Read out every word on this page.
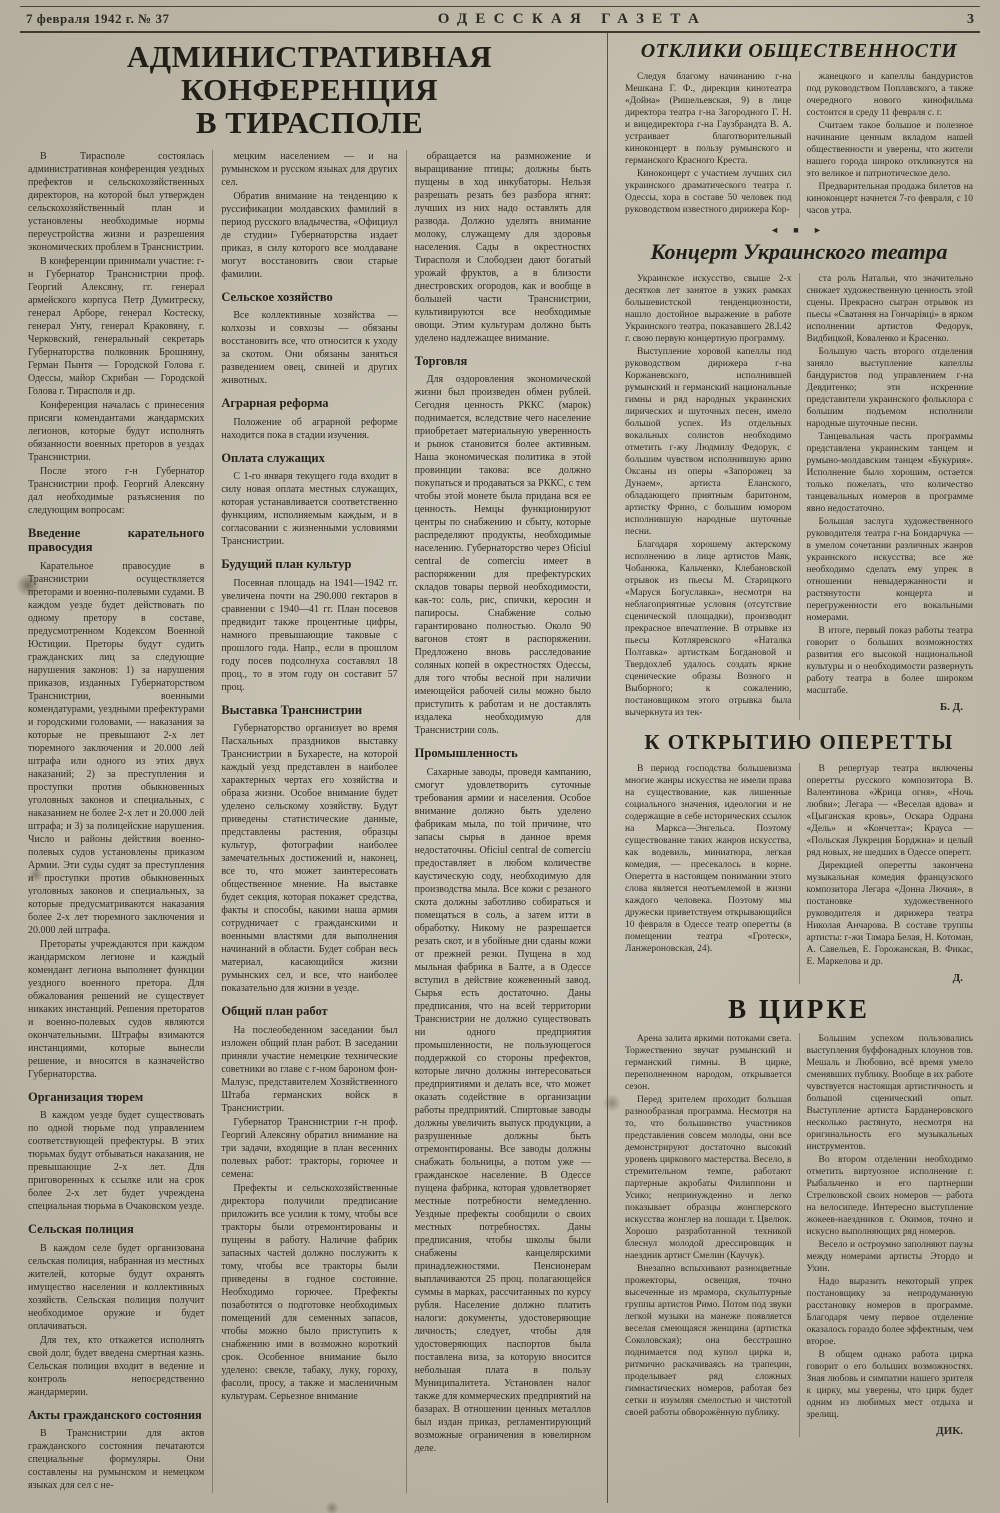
7 февраля 1942 г. № 37	ОДЕССКАЯ ГАЗЕТА	3
АДМИНИСТРАТИВНАЯ КОНФЕРЕНЦИЯ
В ТИРАСПОЛЕ

В Тирасполе состоялась административная конференция уездных префектов и сельскохозяйственных директоров, на которой был утвержден сельскохозяйственный план и установлены необходимые нормы переустройства жизни и разрешения экономических проблем в Транснистрии.

В конференции принимали участие: г-н Губернатор Транснистрии проф. Георгий Алексяну, гг. генерал армейского корпуса Петр Думитреску, генерал Арборе, генерал Костеску, генерал Унту, генерал Краковяну, г. Черковский, генеральный секретарь Губернаторства полковник Брошняну, Герман Пынтя — Городской Голова г. Одессы, майор Скрибан — Городской Голова г. Тирасполя и др.

Конференция началась с принесения присяги комендантами жандармских легионов, которые будут исполнять обязанности военных преторов в уездах Транснистрии.

После этого г-н Губернатор Транснистрии проф. Георгий Алексяну дал необходимые разъяснения по следующим вопросам:

Введение карательного правосудия

Карательное правосудие в Транснистрии осуществляется преторами и военно-полевыми судами. В каждом уезде будет действовать по одному претору в составе, предусмотренном Кодексом Военной Юстиции. Преторы будут судить гражданских лиц за следующие нарушения законов: 1) за нарушения приказов, изданных Губернаторством Транснистрии, военными комендатурами, уездными префектурами и городскими головами, — наказания за которые не превышают 2-х лет тюремного заключения и 20.000 лей штрафа или одного из этих двух наказаний; 2) за преступления и проступки против обыкновенных уголовных законов и специальных, с наказанием не более 2-х лет и 20.000 лей штрафа; и 3) за полицейские нарушения. Число и районы действия военно-полевых судов установлены приказом Армии. Эти суды судят за преступления и проступки против обыкновенных уголовных законов и специальных, за которые предусматриваются наказания более 2-х лет тюремного заключения и 20.000 лей штрафа.

Претораты учреждаются при каждом жандармском легионе и каждый комендант легиона выполняет функции уездного военного претора. Для обжалования решений не существует никаких инстанций. Решения преторатов и военно-полевых судов являются окончательными. Штрафы взимаются инстанциями, которые вынесли решение, и вносятся в казначейство Губернаторства.

Организация тюрем

В каждом уезде будет существовать по одной тюрьме под управлением соответствующей префектуры. В этих тюрьмах будут отбываться наказания, не превышающие 2-х лет. Для приговоренных к ссылке или на срок более 2-х лет будет учреждена специальная тюрьма в Очаковском уезде.

Сельская полиция

В каждом селе будет организована сельская полиция, набранная из местных жителей, которые будут охранять имущество населения и коллективных хозяйств. Сельская полиция получит необходимое оружие и будет оплачиваться.

Для тех, кто откажется исполнять свой долг, будет введена смертная казнь. Сельская полиция входит в ведение и контроль непосредственно жандармерии.

Акты гражданского состояния

В Транснистрии для актов гражданского состояния печатаются специальные формуляры. Они составлены на румынском и немецком языках для сел с не-

мецким населением — и на румынском и русском языках для других сел.

Обратив внимание на тенденцию к руссификации молдавских фамилий в период русского владычества, «Официул де студии» Губернаторства издает приказ, в силу которого все молдаване могут восстановить свои старые фамилии.

Сельское хозяйство

Все коллективные хозяйства — колхозы и совхозы — обязаны восстановить все, что относится к уходу за скотом. Они обязаны заняться разведением овец, свиней и других животных.

Аграрная реформа

Положение об аграрной реформе находится пока в стадии изучения.

Оплата служащих

С 1-го января текущего года входит в силу новая оплата местных служащих, которая устанавливается соответственно функциям, исполняемым каждым, и в согласовании с жизненными условиями Транснистрии.

Будущий план культур

Посевная площадь на 1941—1942 гг. увеличена почти на 290.000 гектаров в сравнении с 1940—41 гг. План посевов предвидит также процентные цифры, намного превышающие таковые с прошлого года. Напр., если в прошлом году посев подсолнуха составлял 18 проц., то в этом году он составит 57 проц.

Выставка Транснистрии

Губернаторство организует во время Пасхальных праздников выставку Транснистрии в Бухаресте, на которой каждый уезд представлен в наиболее характерных чертах его хозяйства и образа жизни. Особое внимание будет уделено сельскому хозяйству. Будут приведены статистические данные, представлены растения, образцы культур, фотографии наиболее замечательных достижений и, наконец, все то, что может заинтересовать общественное мнение. На выставке будет секция, которая покажет средства, факты и способы, какими наша армия сотрудничает с гражданскими и военными властями для выполнения начинаний в области. Будет собран весь материал, касающийся жизни румынских сел, и все, что наиболее показательно для жизни в уезде.

Общий план работ

На послеобеденном заседании был изложен общий план работ. В заседании приняли участие немецкие технические советники во главе с г-ном бароном фон-Малузс, представителем Хозяйственного Штаба германских войск в Транснистрии.

Губернатор Транснистрии г-н проф. Георгий Алексяну обратил внимание на три задачи, входящие в план весенних полевых работ: тракторы, горючее и семена:

Префекты и сельскохозяйственные директора получили предписание приложить все усилия к тому, чтобы все тракторы были отремонтированы и пущены в работу. Наличие фабрик запасных частей должно послужить к тому, чтобы все тракторы были приведены в годное состояние. Необходимо горючее. Префекты позаботятся о подготовке необходимых помещений для семенных запасов, чтобы можно было приступить к снабжению ими в возможно короткий срок. Особенное внимание было уделено: свекле, табаку, луку, гороху, фасоли, просу, а также и масленичным культурам. Серьезное внимание

обращается на размножение и выращивание птицы; должны быть пущены в ход инкубаторы. Нельзя разрешать резать без разбора ягнят: лучших из них надо оставлять для развода. Должно уделять внимание молоку, служащему для здоровья населения. Сады в окрестностях Тирасполя и Слободзеи дают богатый урожай фруктов, а в близости днестровских огородов, как и вообще в большей части Транснистрии, культивируются все необходимые овощи. Этим культурам должно быть уделено надлежащее внимание.

Торговля

Для оздоровления экономической жизни был произведен обмен рублей. Сегодня ценность РККС (марок) поднимается, вследствие чего население приобретает материальную уверенность и рынок становится более активным. Наша экономическая политика в этой провинции такова: все должно покупаться и продаваться за РККС, с тем чтобы этой монете была придана вся ее ценность. Немцы функционируют центры по снабжению и сбыту, которые распределяют продукты, необходимые населению. Губернаторство через Oficiul central de comerciu имеет в распоряжении для префектурских складов товары первой необходимости, как-то: соль, рис, спички, керосин и папиросы. Снабжение солью гарантировано полностью. Около 90 вагонов стоят в распоряжении. Предложено вновь расследование соляных копей в окрестностях Одессы, для того чтобы весной при наличии имеющейся рабочей силы можно было приступить к работам и не доставлять издалека необходимую для Транснистрии соль.

Промышленность

Сахарные заводы, проведя кампанию, смогут удовлетворить суточные требования армии и населения. Особое внимание должно быть уделено фабрикам мыла, по той причине, что запасы сырья в данное время недостаточны. Oficiul central de comerciu предоставляет в любом количестве каустическую соду, необходимую для производства мыла. Все кожи с резаного скота должны заботливо собираться и помещаться в соль, а затем итти в обработку. Никому не разрешается резать скот, и в убойные дни сданы кожи от прежней резки. Пущена в ход мыльная фабрика в Балте, а в Одессе вступил в действие кожевенный завод. Сырья есть достаточно. Даны предписания, что на всей территории Транснистрии не должно существовать ни одного предприятия промышленности, не пользующегося поддержкой со стороны префектов, которые лично должны интересоваться предприятиями и делать все, что может оказать содействие в организации работы предприятий. Спиртовые заводы должны увеличить выпуск продукции, а разрушенные должны быть отремонтированы. Все заводы должны снабжать больницы, а потом уже — гражданское население. В Одессе пущена фабрика, которая удовлетворяет местные потребности немедленно. Уездные префекты сообщили о своих местных потребностях. Даны предписания, чтобы школы были снабжены канцелярскими принадлежностями. Пенсионерам выплачиваются 25 проц. полагающейся суммы в марках, рассчитанных по курсу рубля. Население должно платить налоги: документы, удостоверяющие личность; следует, чтобы для удостоверяющих паспортов была поставлена виза, за которую вносится небольшая плата в пользу Муниципалитета. Установлен налог также для коммерческих предприятий на базарах. В отношении ценных металлов был издан приказ, регламентирующий возможные ограничения в ювелирном деле.

ОТКЛИКИ ОБЩЕСТВЕННОСТИ

Следуя благому начинанию г-на Мешкана Г. Ф., дирекция кинотеатра «Дойна» (Ришельевская, 9) в лице директора театра г-на Загородного Г. Н. и вицедиректора г-на Гаузбрандта В. А. устраивает благотворительный киноконцерт в пользу румынского и германского Красного Креста.

Киноконцерт с участием лучших сил украинского драматического театра г. Одессы, хора в составе 50 человек под руководством известного дирижера Кор-

жанецкого и капеллы бандуристов под руководством Поплавского, а также очередного нового кинофильма состоится в среду 11 февраля с. г.

Считаем такое большое и полезное начинание ценным вкладом нашей общественности и уверены, что жители нашего города широко откликнутся на это великое и патриотическое дело.

Предварительная продажа билетов на киноконцерт начнется 7-го февраля, с 10 часов утра.

◄ ■ ►
Концерт Украинского театра

Украинское искусство, свыше 2-х десятков лет занятое в узких рамках большевистской тенденциозности, нашло достойное выражение в работе Украинского театра, показавшего 28.I.42 г. свою первую концертную программу.

Выступление хоровой капеллы под руководством дирижера г-на Коржаневского, исполнившей румынский и германский национальные гимны и ряд народных украинских лирических и шуточных песен, имело большой успех. Из отдельных вокальных солистов необходимо отметить г-жу Людмилу Федорук, с большим чувством исполнившую арию Оксаны из оперы «Запорожец за Дунаем», артиста Еланского, обладающего приятным баритоном, артистку Фрино, с большим юмором исполнившую народные шуточные песни.

Благодаря хорошему актерскому исполнению в лице артистов Маяк, Чобанюка, Кальченко, Клебановской отрывок из пьесы М. Старицкого «Маруся Богуславка», несмотря на неблагоприятные условия (отсутствие сценической площадки), производит прекрасное впечатление. В отрывке из пьесы Котляревского «Наталка Полтавка» артисткам Богдановой и Твердохлеб удалось создать яркие сценические образы Возного и Выборного; к сожалению, постановщиком этого отрывка была вычеркнута из тек-

ста роль Натальи, что значительно снижает художественную ценность этой сцены. Прекрасно сыгран отрывок из пьесы «Сватання на Гончарівці» в ярком исполнении артистов Федорук, Видбицкой, Коваленко и Красенко.

Большую часть второго отделения заняло выступление капеллы бандуристов под управлением г-на Девдитенко; эти искренние представители украинского фольклора с большим подъемом исполнили народные шуточные песни.

Танцевальная часть программы представлена украинским танцем и румыно-молдавским танцем «Букурия». Исполнение было хорошим, остается только пожелать, что количество танцевальных номеров в программе явно недостаточно.

Большая заслуга художественного руководителя театра г-на Бондарчука — в умелом сочетании различных жанров украинского искусства; все же необходимо сделать ему упрек в отношении невыдержанности и растянутости концерта и перегруженности его вокальными номерами.

В итоге, первый показ работы театра говорит о больших возможностях развития его высокой национальной культуры и о необходимости развернуть работу театра в более широком масштабе.

Б. Д.
К ОТКРЫТИЮ ОПЕРЕТТЫ

В период господства большевизма многие жанры искусства не имели права на существование, как лишенные социального значения, идеологии и не содержащие в себе исторических ссылок на Маркса—Энгельса. Поэтому существование таких жанров искусства, как водевиль, миниатюра, легкая комедия, — пресекалось в корне. Оперетта в настоящем понимании этого слова является неотъемлемой в жизни каждого человека. Поэтому мы дружески приветствуем открывающийся 10 февраля в Одессе театр оперетты (в помещении театра «Гротеск», Ланжероновская, 24).

В репертуар театра включены оперетты русского композитора В. Валентинова «Жрица огня», «Ночь любви»; Легара — «Веселая вдова» и «Цыганская кровь», Оскара Одрана «Дель» и «Кончетта»; Крауса — «Польская Лукреция Борджиа» и целый ряд новых, не шедших в Одессе оперетт.

Дирекцией оперетты закончена музыкальная комедия французского композитора Легара «Донна Лючия», в постановке художественного руководителя и дирижера театра Николая Анчарова. В составе труппы артисты: г-жи Тамара Белая, Н. Котоман, А. Савельев, Е. Горожанская, В. Фикас, Е. Маркелова и др.

Д.
В ЦИРКЕ

Арена залита яркими потоками света. Торжественно звучат румынский и германский гимны. В цирке, переполненном народом, открывается сезон.

Перед зрителем проходит большая разнообразная программа. Несмотря на то, что большинство участников представления совсем молоды, они все демонстрируют достаточно высокий уровень циркового мастерства. Весело, в стремительном темпе, работают партерные акробаты Филиппони и Усико; непринужденно и легко показывает образцы жонглерского искусства жонглер на лошади т. Цвелюк. Хорошо разработанной техникой блеснул молодой дрессировщик и наездник артист Смелин (Каучук).

Внезапно вспыхивают разноцветные прожекторы, освещая, точно высеченные из мрамора, скульптурные группы артистов Римо. Потом под звуки легкой музыки на манеже появляется веселая смеющаяся женщина (артистка Соколовская); она бесстрашно поднимается под купол цирка и, ритмично раскачиваясь на трапеции, проделывает ряд сложных гимнастических номеров, работая без сетки и изумляя смелостью и чистотой своей работы обворожённую публику.

Большим успехом пользовались выступления буффонадных клоунов тов. Мешаль и Любовио, всё время умело сменявших публику. Вообще в их работе чувствуется настоящая артистичность и большой сценический опыт. Выступление артиста Барданеровского несколько растянуто, несмотря на оригинальность его музыкальных инструментов.

Во втором отделении необходимо отметить виртуозное исполнение г. Рыбальченко и его партнерши Стрелковской своих номеров — работа на велосипеде. Интересно выступление жокеев-наездников г. Окимов, точно и искусно выполняющих ряд номеров.

Весело и остроумно заполняют паузы между номерами артисты Этордо и Ухин.

Надо выразить некоторый упрек постановщику за непродуманную расстановку номеров в программе. Благодаря чему первое отделение оказалось гораздо более эффектным, чем второе.

В общем однако работа цирка говорит о его больших возможностях. Зная любовь и симпатии нашего зрителя к цирку, мы уверены, что цирк будет одним из любимых мест отдыха и зрелищ.

ДИК.
